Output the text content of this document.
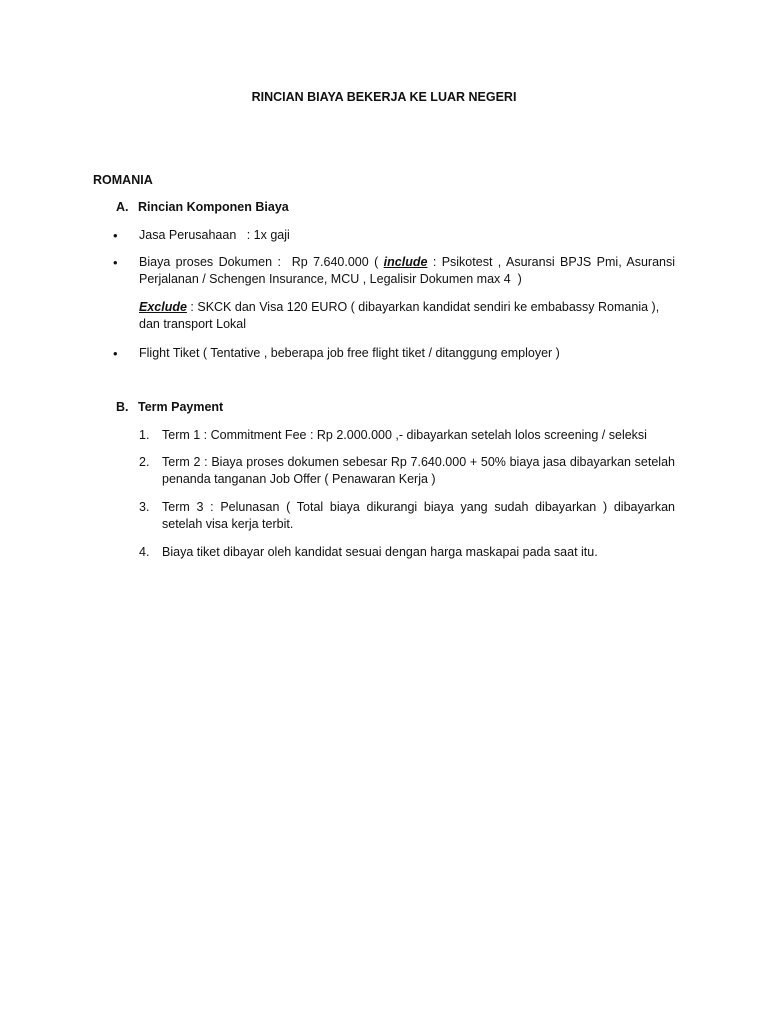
RINCIAN BIAYA BEKERJA KE LUAR NEGERI
ROMANIA
A. Rincian Komponen Biaya
• Jasa Perusahaan   : 1x gaji
• Biaya proses Dokumen :  Rp 7.640.000 ( include : Psikotest , Asuransi BPJS Pmi, Asuransi Perjalanan / Schengen Insurance, MCU , Legalisir Dokumen max 4  )
Exclude : SKCK dan Visa 120 EURO ( dibayarkan kandidat sendiri ke embabassy Romania ), dan transport Lokal
• Flight Tiket ( Tentative , beberapa job free flight tiket / ditanggung employer )
B. Term Payment
1. Term 1 : Commitment Fee : Rp 2.000.000 ,- dibayarkan setelah lolos screening / seleksi
2. Term 2 : Biaya proses dokumen sebesar Rp 7.640.000 + 50% biaya jasa dibayarkan setelah penanda tanganan Job Offer ( Penawaran Kerja )
3. Term 3 : Pelunasan ( Total biaya dikurangi biaya yang sudah dibayarkan ) dibayarkan setelah visa kerja terbit.
4. Biaya tiket dibayar oleh kandidat sesuai dengan harga maskapai pada saat itu.
